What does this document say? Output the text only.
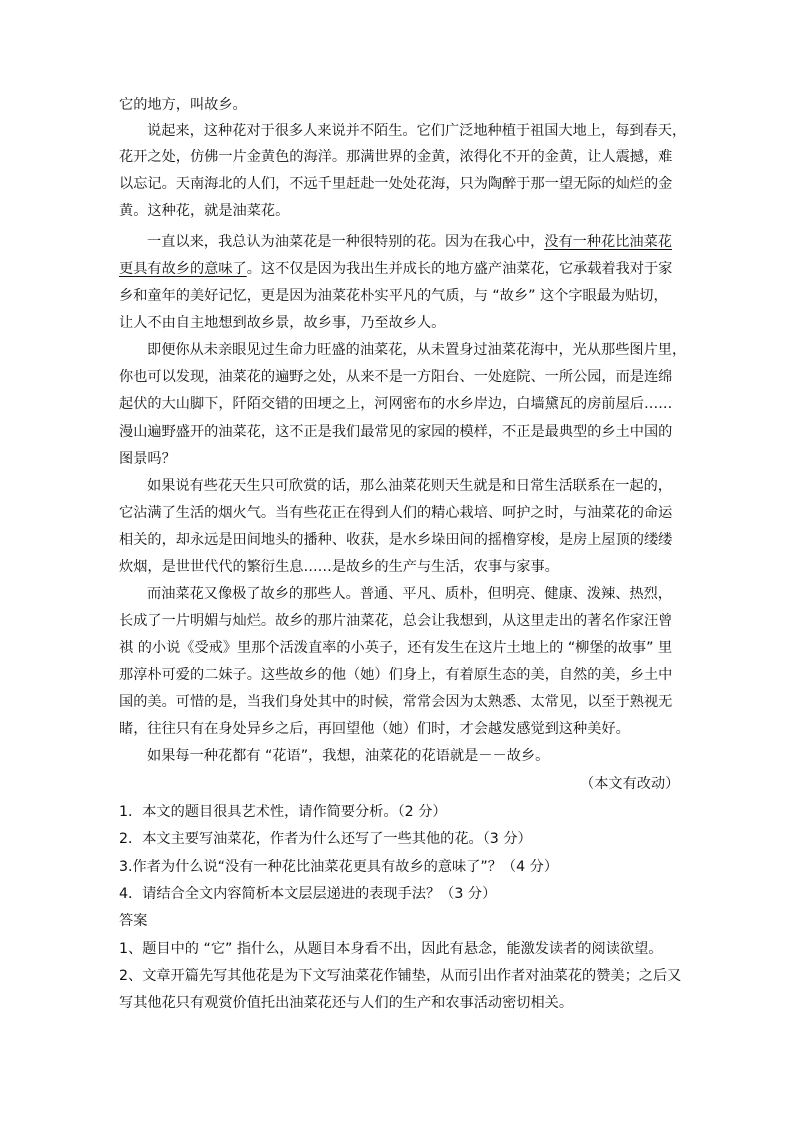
它的地方，叫故乡。
说起来，这种花对于很多人来说并不陌生。它们广泛地种植于祖国大地上，每到春天，
花开之处，仿佛一片金黄色的海洋。那满世界的金黄，浓得化不开的金黄，让人震撼，难
以忘记。天南海北的人们，不远千里赶赴一处处花海，只为陶醉于那一望无际的灿烂的金
黄。这种花，就是油菜花。
一直以来，我总认为油菜花是一种很特别的花。因为在我心中，没有一种花比油菜花
更具有故乡的意味了。这不仅是因为我出生并成长的地方盛产油菜花，它承载着我对于家
乡和童年的美好记忆，更是因为油菜花朴实平凡的气质，与 “故乡” 这个字眼最为贴切，
让人不由自主地想到故乡景，故乡事，乃至故乡人。
即便你从未亲眼见过生命力旺盛的油菜花，从未置身过油菜花海中，光从那些图片里，
你也可以发现，油菜花的遍野之处，从来不是一方阳台、一处庭院、一所公园，而是连绵
起伏的大山脚下，阡陌交错的田埂之上，河网密布的水乡岸边，白墙黛瓦的房前屋后……
漫山遍野盛开的油菜花，这不正是我们最常见的家园的模样，不正是最典型的乡土中国的
图景吗？
如果说有些花天生只可欣赏的话，那么油菜花则天生就是和日常生活联系在一起的，
它沾满了生活的烟火气。当有些花正在得到人们的精心栽培、呵护之时，与油菜花的命运
相关的，却永远是田间地头的播种、收获，是水乡垛田间的摇橹穿梭，是房上屋顶的缕缕
炊烟，是世世代代的繁衍生息……是故乡的生产与生活，农事与家事。
而油菜花又像极了故乡的那些人。普通、平凡、质朴，但明亮、健康、泼辣、热烈，
长成了一片明媚与灿烂。故乡的那片油菜花，总会让我想到，从这里走出的著名作家汪曾
祺 的小说《受戒》里那个活泼直率的小英子，还有发生在这片土地上的 “柳堡的故事” 里
那淳朴可爱的二妹子。这些故乡的他（她）们身上，有着原生态的美，自然的美，乡土中
国的美。可惜的是，当我们身处其中的时候，常常会因为太熟悉、太常见，以至于熟视无
睹，往往只有在身处异乡之后，再回望他（她）们时，才会越发感觉到这种美好。
如果每一种花都有 “花语”，我想，油菜花的花语就是－－故乡。
（本文有改动）
1．本文的题目很具艺术性，请作简要分析。（2 分）
2．本文主要写油菜花，作者为什么还写了一些其他的花。（3 分）
3.作者为什么说“没有一种花比油菜花更具有故乡的意味了”？（4 分）
4．请结合全文内容简析本文层层递进的表现手法？（3 分）
答案
1、题目中的 “它” 指什么，从题目本身看不出，因此有悬念，能激发读者的阅读欲望。
2、文章开篇先写其他花是为下文写油菜花作铺垫，从而引出作者对油菜花的赞美；之后又
写其他花只有观赏价值托出油菜花还与人们的生产和农事活动密切相关。
